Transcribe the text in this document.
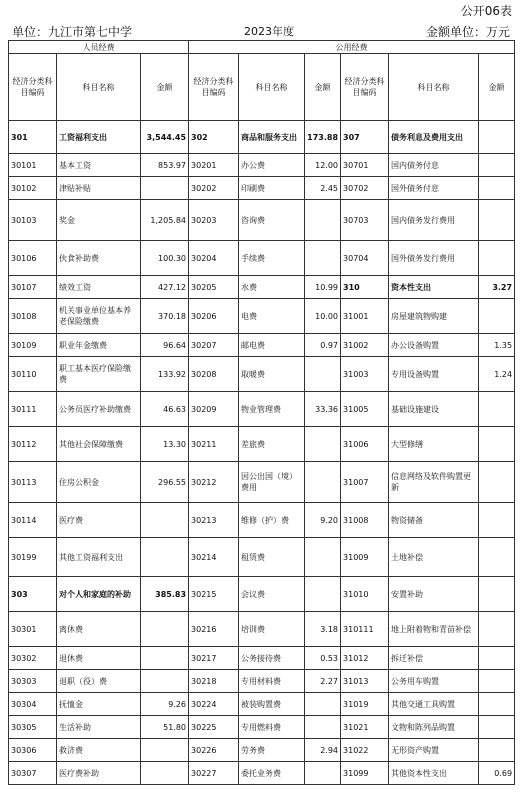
公开06表
单位：九江市第七中学	2023年度	金额单位：万元
人员经费			公用经费					
经济分类科目编码	科目名称	金额	经济分类科目编码	科目名称	金额	经济分类科目编码	科目名称	金额
301	工资福利支出	3,544.45	302	商品和服务支出	173.88	307	债务利息及费用支出	
30101	基本工资	853.97	30201	办公费	12.00	30701	国内债务付息	
30102	津贴补贴		30202	印刷费	2.45	30702	国外债务付息	
30103	奖金	1,205.84	30203	咨询费		30703	国内债务发行费用	
30106	伙食补助费	100.30	30204	手续费		30704	国外债务发行费用	
30107	绩效工资	427.12	30205	水费	10.99	310	资本性支出	3.27
30108	机关事业单位基本养老保险缴费	370.18	30206	电费	10.00	31001	房屋建筑物购建	
30109	职业年金缴费	96.64	30207	邮电费	0.97	31002	办公设备购置	1.35
30110	职工基本医疗保险缴费	133.92	30208	取暖费		31003	专用设备购置	1.24
30111	公务员医疗补助缴费	46.63	30209	物业管理费	33.36	31005	基础设施建设	
30112	其他社会保障缴费	13.30	30211	差旅费		31006	大型修缮	
30113	住房公积金	296.55	30212	因公出国（境）费用		31007	信息网络及软件购置更新	
30114	医疗费		30213	维修（护）费	9.20	31008	物资储备	
30199	其他工资福利支出		30214	租赁费		31009	土地补偿	
303	对个人和家庭的补助	385.83	30215	会议费		31010	安置补助	
30301	离休费		30216	培训费	3.18	310111	地上附着物和青苗补偿	
30302	退休费		30217	公务接待费	0.53	31012	拆迁补偿	
30303	退职（役）费		30218	专用材料费	2.27	31013	公务用车购置	
30304	抚恤金	9.26	30224	被装购置费		31019	其他交通工具购置	
30305	生活补助	51.80	30225	专用燃料费		31021	文物和陈列品购置	
30306	救济费		30226	劳务费	2.94	31022	无形资产购置	
30307	医疗费补助		30227	委托业务费		31099	其他资本性支出	0.69
